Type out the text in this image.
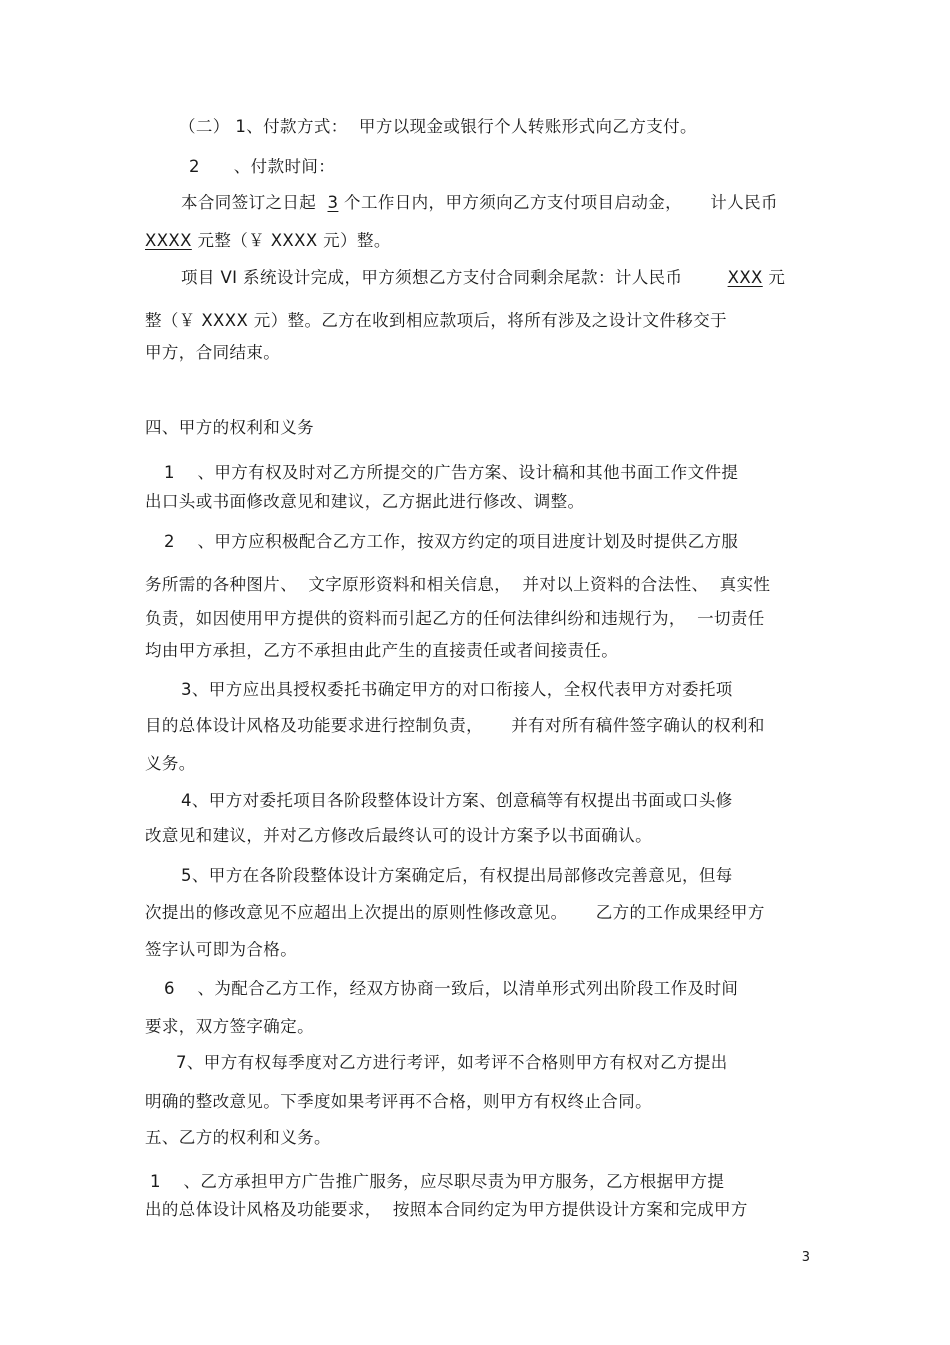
（二） 1、付款方式：  甲方以现金或银行个人转账形式向乙方支付。
2      、付款时间：
本合同签订之日起  3 个工作日内，甲方须向乙方支付项目启动金，     计人民币
XXXX 元整（￥ XXXX 元）整。
项目 VI 系统设计完成，甲方须想乙方支付合同剩余尾款：计人民币        XXX 元
整（￥ XXXX 元）整。乙方在收到相应款项后，将所有涉及之设计文件移交于
甲方，合同结束。
四、甲方的权利和义务
1    、甲方有权及时对乙方所提交的广告方案、设计稿和其他书面工作文件提
出口头或书面修改意见和建议，乙方据此进行修改、调整。
2    、甲方应积极配合乙方工作，按双方约定的项目进度计划及时提供乙方服
务所需的各种图片、  文字原形资料和相关信息，  并对以上资料的合法性、  真实性
负责，如因使用甲方提供的资料而引起乙方的任何法律纠纷和违规行为，  一切责任
均由甲方承担，乙方不承担由此产生的直接责任或者间接责任。
3、甲方应出具授权委托书确定甲方的对口衔接人，全权代表甲方对委托项
目的总体设计风格及功能要求进行控制负责，     并有对所有稿件签字确认的权利和
义务。
4、甲方对委托项目各阶段整体设计方案、创意稿等有权提出书面或口头修
改意见和建议，并对乙方修改后最终认可的设计方案予以书面确认。
5、甲方在各阶段整体设计方案确定后，有权提出局部修改完善意见，但每
次提出的修改意见不应超出上次提出的原则性修改意见。     乙方的工作成果经甲方
签字认可即为合格。
6    、为配合乙方工作，经双方协商一致后，以清单形式列出阶段工作及时间
要求，双方签字确定。
7、甲方有权每季度对乙方进行考评，如考评不合格则甲方有权对乙方提出
明确的整改意见。下季度如果考评再不合格，则甲方有权终止合同。
五、乙方的权利和义务。
1    、乙方承担甲方广告推广服务，应尽职尽责为甲方服务，乙方根据甲方提
出的总体设计风格及功能要求，  按照本合同约定为甲方提供设计方案和完成甲方
3
